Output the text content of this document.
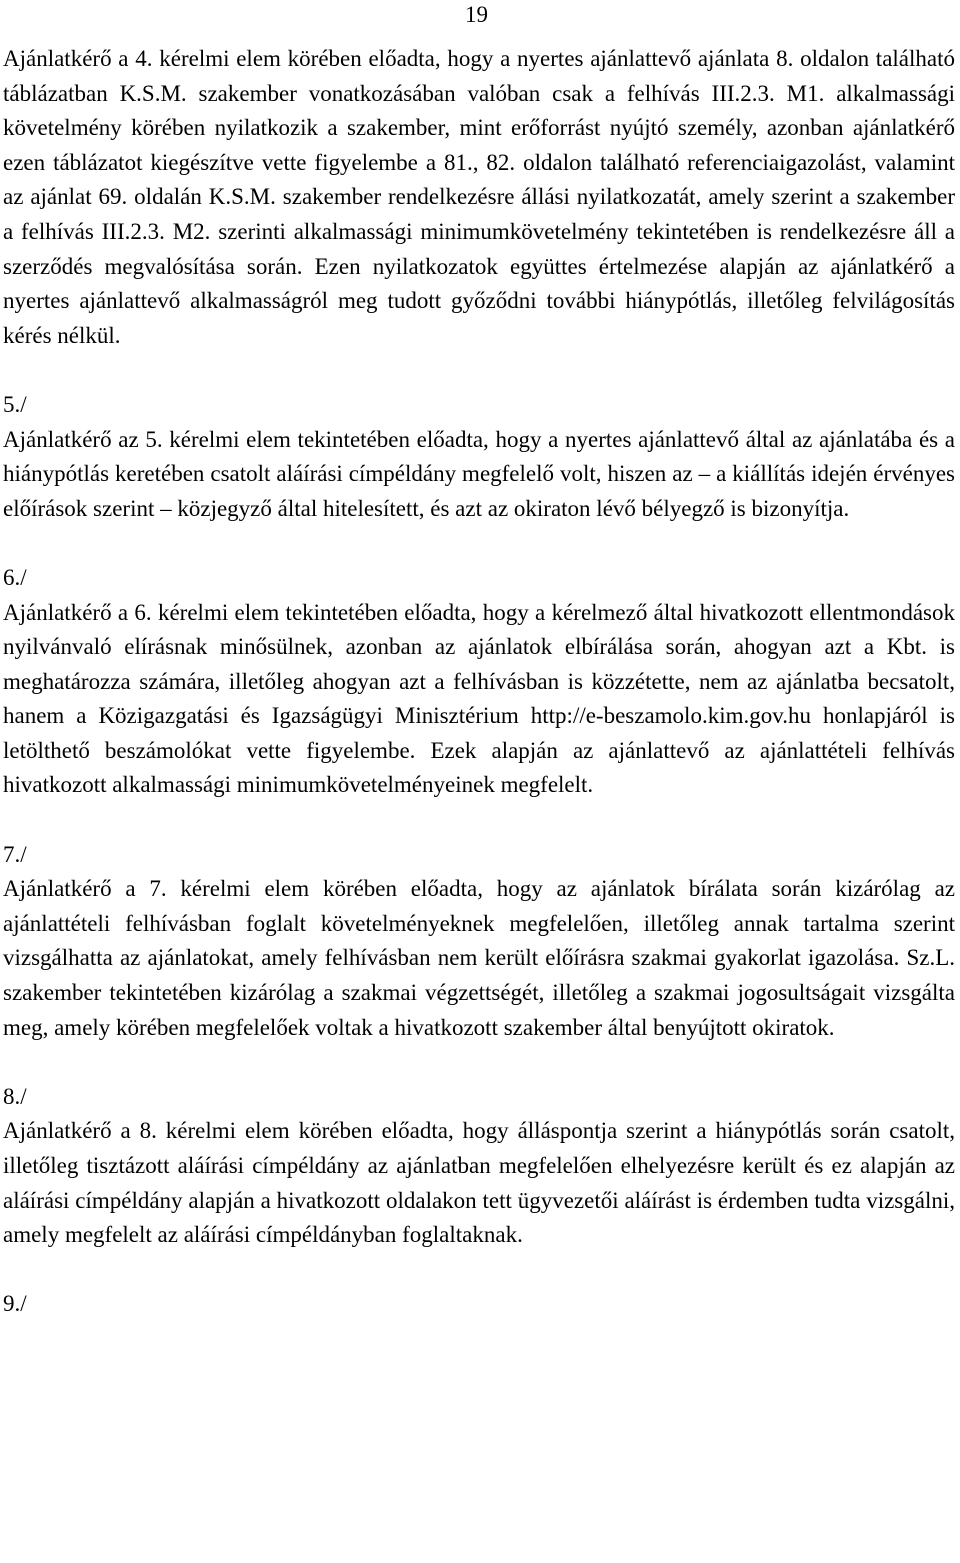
19

Ajánlatkérő a 4. kérelmi elem körében előadta, hogy a nyertes ajánlattevő ajánlata 8. oldalon található táblázatban K.S.M. szakember vonatkozásában valóban csak a felhívás III.2.3. M1. alkalmassági követelmény körében nyilatkozik a szakember, mint erőforrást nyújtó személy, azonban ajánlatkérő ezen táblázatot kiegészítve vette figyelembe a 81., 82. oldalon található referenciaigazolást, valamint az ajánlat 69. oldalán K.S.M. szakember rendelkezésre állási nyilatkozatát, amely szerint a szakember a felhívás III.2.3. M2. szerinti alkalmassági minimumkövetelmény tekintetében is rendelkezésre áll a szerződés megvalósítása során. Ezen nyilatkozatok együttes értelmezése alapján az ajánlatkérő a nyertes ajánlattevő alkalmasságról meg tudott győződni további hiánypótlás, illetőleg felvilágosítás kérés nélkül.

5./

Ajánlatkérő az 5. kérelmi elem tekintetében előadta, hogy a nyertes ajánlattevő által az ajánlatába és a hiánypótlás keretében csatolt aláírási címpéldány megfelelő volt, hiszen az – a kiállítás idején érvényes előírások szerint – közjegyző által hitelesített, és azt az okiraton lévő bélyegző is bizonyítja.

6./

Ajánlatkérő a 6. kérelmi elem tekintetében előadta, hogy a kérelmező által hivatkozott ellentmondások nyilvánvaló elírásnak minősülnek, azonban az ajánlatok elbírálása során, ahogyan azt a Kbt. is meghatározza számára, illetőleg ahogyan azt a felhívásban is közzétette, nem az ajánlatba becsatolt, hanem a Közigazgatási és Igazságügyi Minisztérium http://e-beszamolo.kim.gov.hu honlapjáról is letölthető beszámolókat vette figyelembe. Ezek alapján az ajánlattevő az ajánlattételi felhívás hivatkozott alkalmassági minimumkövetelményeinek megfelelt.

7./

Ajánlatkérő a 7. kérelmi elem körében előadta, hogy az ajánlatok bírálata során kizárólag az ajánlattételi felhívásban foglalt követelményeknek megfelelően, illetőleg annak tartalma szerint vizsgálhatta az ajánlatokat, amely felhívásban nem került előírásra szakmai gyakorlat igazolása. Sz.L. szakember tekintetében kizárólag a szakmai végzettségét, illetőleg a szakmai jogosultságait vizsgálta meg, amely körében megfelelőek voltak a hivatkozott szakember által benyújtott okiratok.

8./

Ajánlatkérő a 8. kérelmi elem körében előadta, hogy álláspontja szerint a hiánypótlás során csatolt, illetőleg tisztázott aláírási címpéldány az ajánlatban megfelelően elhelyezésre került és ez alapján az aláírási címpéldány alapján a hivatkozott oldalakon tett ügyvezetői aláírást is érdemben tudta vizsgálni, amely megfelelt az aláírási címpéldányban foglaltaknak.

9./
